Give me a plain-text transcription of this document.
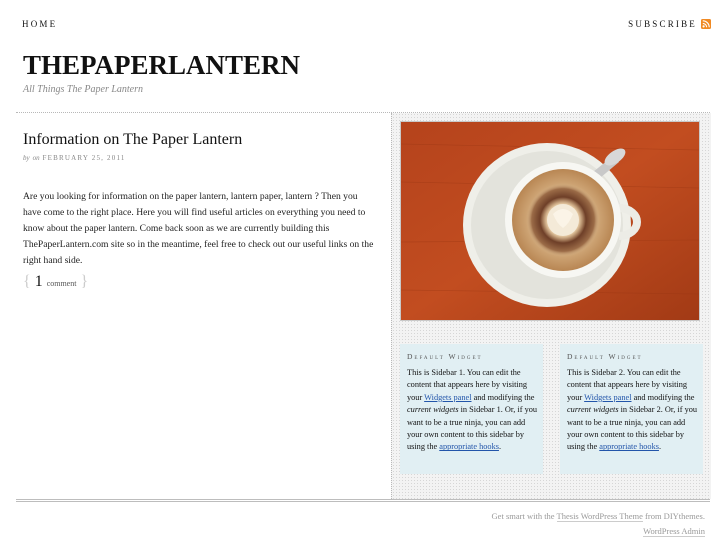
HOME	SUBSCRIBE
THEPAPERLANTERN
All Things The Paper Lantern
Information on The Paper Lantern
by on FEBRUARY 25, 2011

Are you looking for information on the paper lantern, lantern paper, lantern ? Then you have come to the right place. Here you will find useful articles on everything you need to know about the paper lantern. Come back soon as we are currently building this ThePaperLantern.com site so in the meantime, feel free to check out our useful links on the right hand side.

{ 1 comment }
Default Widget
This is Sidebar 1. You can edit the content that appears here by visiting your Widgets panel and modifying the current widgets in Sidebar 1. Or, if you want to be a true ninja, you can add your own content to this sidebar by using the appropriate hooks.
Default Widget
This is Sidebar 2. You can edit the content that appears here by visiting your Widgets panel and modifying the current widgets in Sidebar 2. Or, if you want to be a true ninja, you can add your own content to this sidebar by using the appropriate hooks.
Get smart with the Thesis WordPress Theme from DIYthemes.
WordPress Admin
